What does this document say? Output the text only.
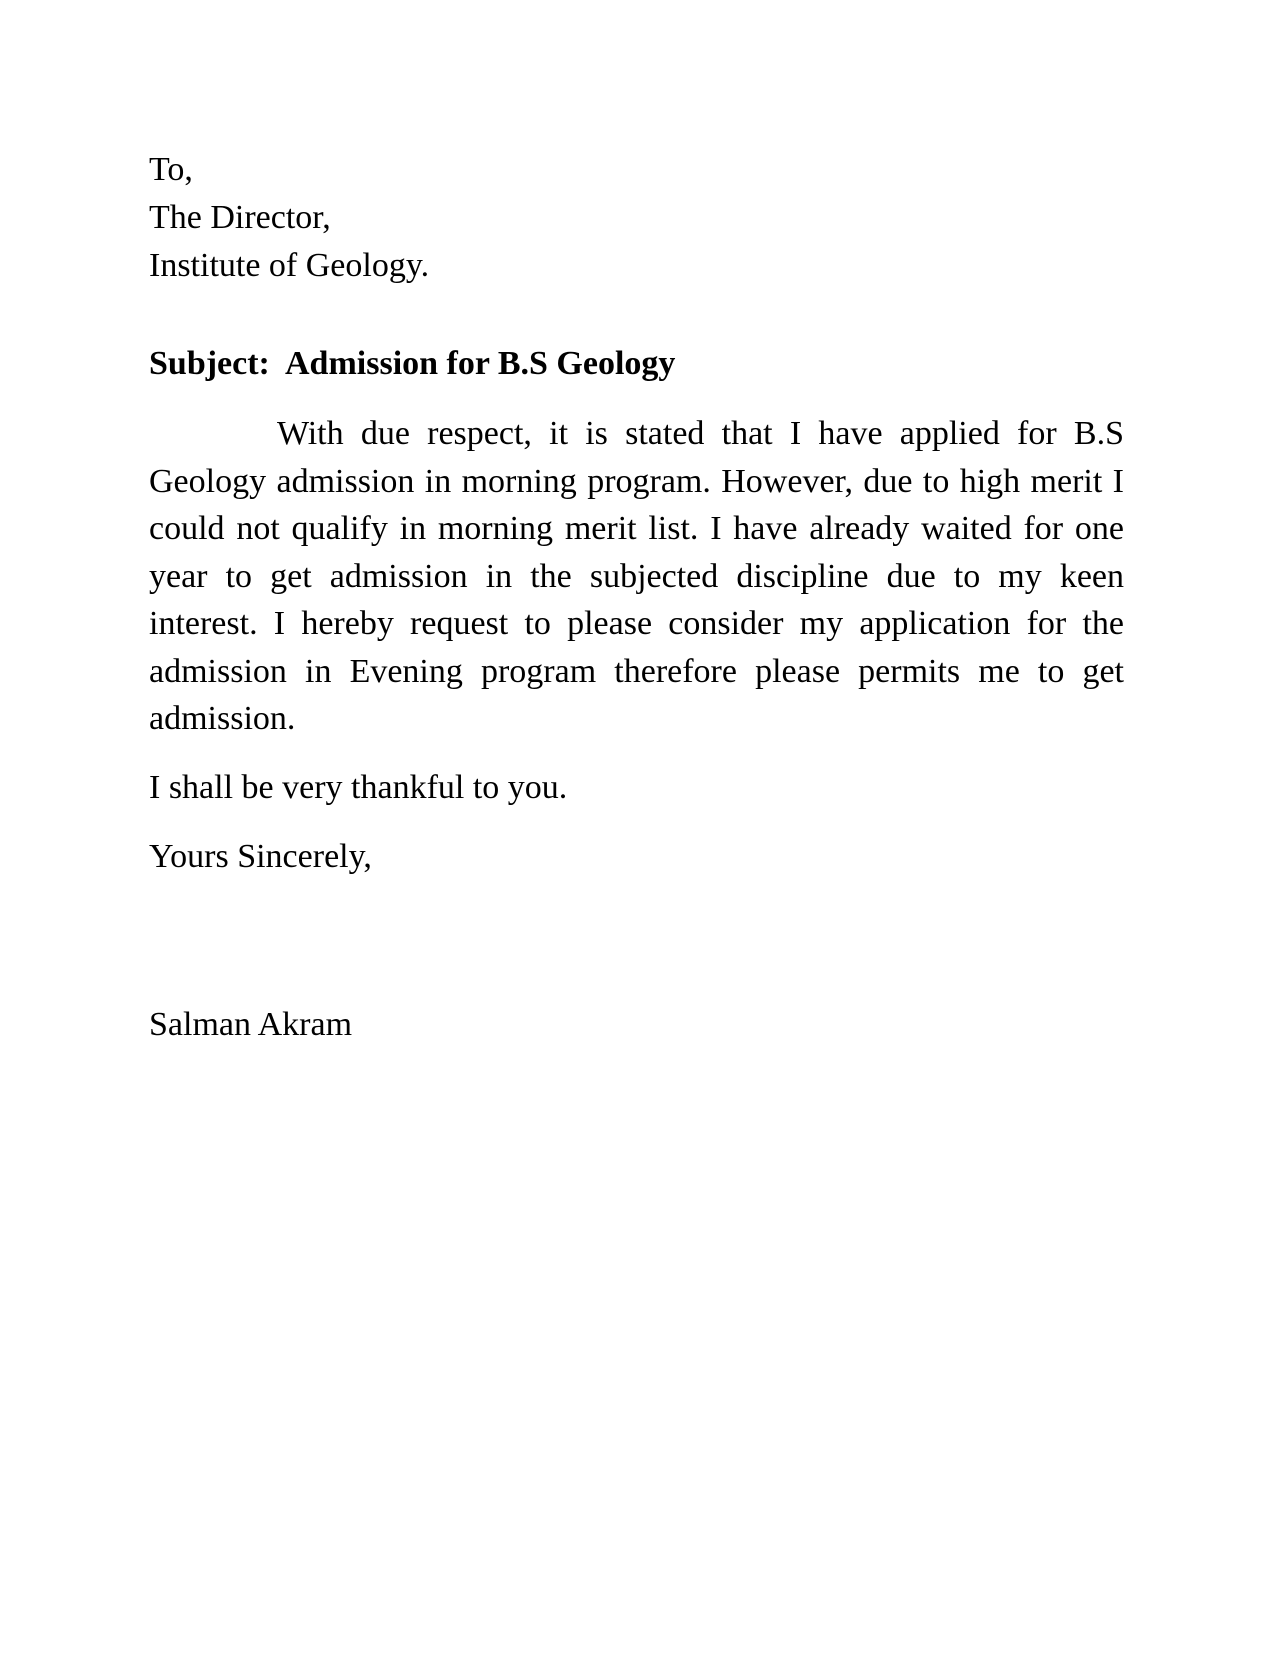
To,
The Director,
Institute of Geology.
Subject:  Admission for B.S Geology
With due respect, it is stated that I have applied for B.S Geology admission in morning program. However, due to high merit I could not qualify in morning merit list. I have already waited for one year to get admission in the subjected discipline due to my keen interest. I hereby request to please consider my application for the admission in Evening program therefore please permits me to get admission.
I shall be very thankful to you.
Yours Sincerely,
Salman Akram
